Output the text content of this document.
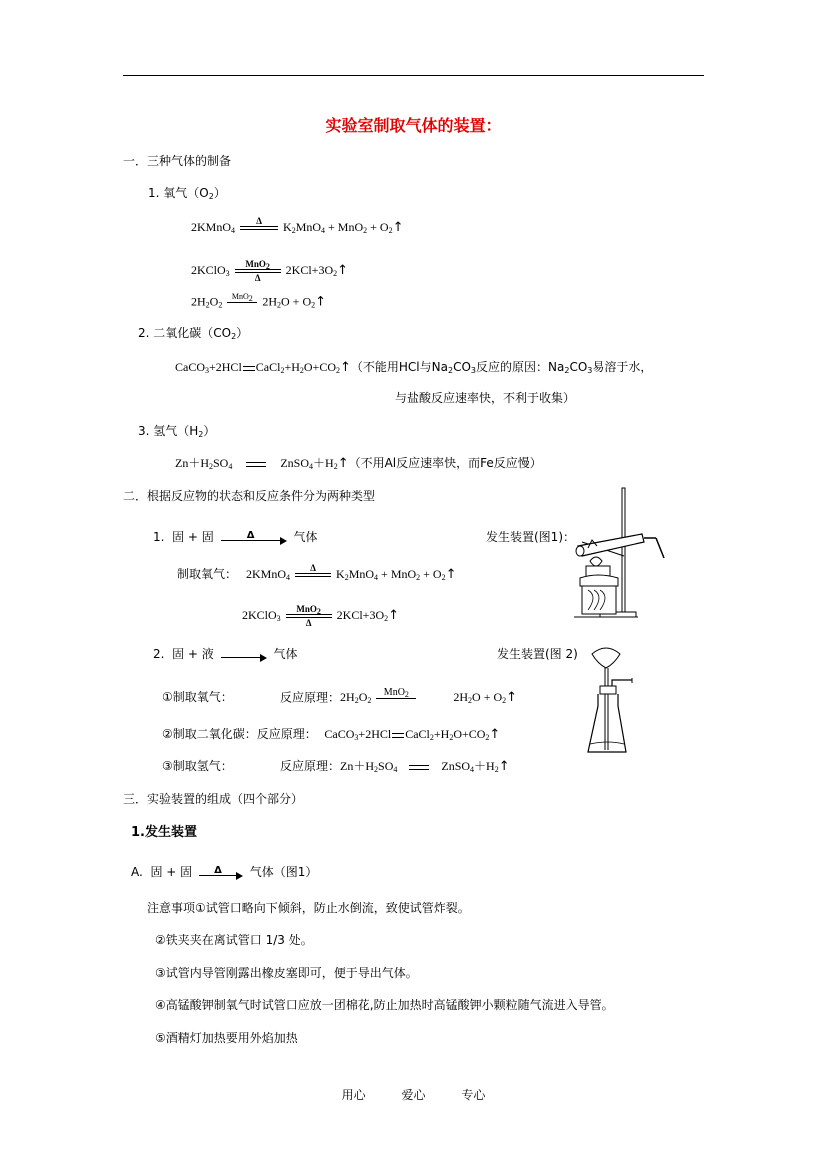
实验室制取气体的装置：
一．三种气体的制备
1. 氧气$(O_2)$
2KMnO$_4$
Δ	$K_2MnO_4 + MnO_2$ + $O_2↑$
2KClO$_3$
MnO$_2$
Δ
$2KCl+3O_2↑$
$2H_2O_2$
MnO$_2$ $2H_2O$ + $O_2↑$
2. 二氧化碳$(CO_2)$
CaCO$_3$+2HCl $CaCl_2+H_2O+CO_2↑$（不能用HCl与$Na_2CO_3$反应的原因：$Na_2CO_3$易溶于水，
与盐酸反应速率快，不利于收集）
3. 氢气$(H_2)$
$Zn+H_2SO_4$	$ZnSO_4+H_2↑$（不用Al反应速率快，而Fe反应慢）
二．根据反应物的状态和反应条件分为两种类型
1. 固 + 固	Δ	气体	发生装置(图1)：
制取氧气： 2KMnO$_4$
Δ	$K_2MnO_4 + MnO_2$ + $O_2↑$
2KClO$_3$
MnO$_2$
Δ
$2KCl+3O_2↑$
2. 固 + 液	气体	发生装置(图 2)
①制取氧气：	反应原理：$2H_2O_2$
MnO$_2$	$2H_2O$ + $O_2↑$
②制取二氧化碳：反应原理： CaCO$_3$+2HCl $CaCl_2+H_2O+CO_2↑$
③制取氢气：	反应原理：$Zn+H_2SO_4$	$ZnSO_4+H_2↑$
三．实验装置的组成（四个部分）
1.发生装置
A. 固 + 固	Δ	气体（图1）
注意事项①试管口略向下倾斜，防止水倒流，致使试管炸裂。
②铁夹夹在离试管口 1/3 处。
③试管内导管刚露出橡皮塞即可，便于导出气体。
④高锰酸钾制氧气时试管口应放一团棉花,防止加热时高锰酸钾小颗粒随气流进入导管。
⑤酒精灯加热要用外焰加热
用心	爱心	专心
